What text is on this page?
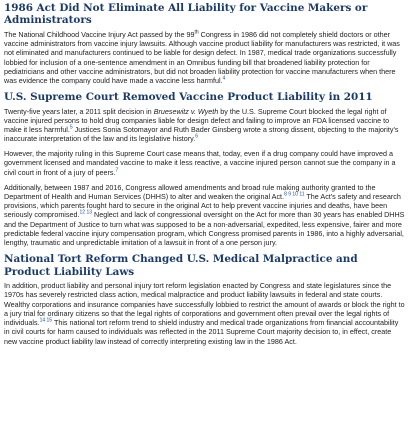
1986 Act Did Not Eliminate All Liability for Vaccine Makers or Administrators

The National Childhood Vaccine Injury Act passed by the 99th Congress in 1986 did not completely shield doctors or other vaccine administrators from vaccine injury lawsuits. Although vaccine product liability for manufacturers was restricted, it was not eliminated and manufacturers continued to be liable for design defect. In 1987, medical trade organizations successfully lobbied for inclusion of a one-sentence amendment in an Omnibus funding bill that broadened liability protection for pediatricians and other vaccine administrators, but did not broaden liability protection for vaccine manufacturers when there was evidence the company could have made a vaccine less harmful.$^4$

U.S. Supreme Court Removed Vaccine Product Liability in 2011

Twenty-five years later, a 2011 split decision in Bruesewitz v. Wyeth by the U.S. Supreme Court blocked the legal right of vaccine injured persons to hold drug companies liable for design defect and failing to improve an FDA licensed vaccine to make it less harmful.$^5$ Justices Sonia Sotomayor and Ruth Bader Ginsberg wrote a strong dissent, objecting to the majority's inaccurate interpretation of the law and its legislative history.$^6$

However, the majority ruling in this Supreme Court case means that, today, even if a drug company could have improved a government licensed and mandated vaccine to make it less reactive, a vaccine injured person cannot sue the company in a civil court in front of a jury of peers.$^7$

Additionally, between 1987 and 2016, Congress allowed amendments and broad rule making authority granted to the Department of Health and Human Services (DHHS) to alter and weaken the original Act.$^{8 9 10 11}$ The Act's safety and research provisions, which parents fought hard to secure in the original Act to help prevent vaccine injuries and deaths, have been seriously compromised.$^{12 13}$ Neglect and lack of congressional oversight on the Act for more than 30 years has enabled DHHS and the Department of Justice to turn what was supposed to be a non-adversarial, expedited, less expensive, fairer and more predictable federal vaccine injury compensation program, which Congress promised parents in 1986, into a highly adversarial, lengthy, traumatic and unpredictable imitation of a lawsuit in front of a one person jury.

National Tort Reform Changed U.S. Medical Malpractice and Product Liability Laws

In addition, product liability and personal injury tort reform legislation enacted by Congress and state legislatures since the 1970s has severely restricted class action, medical malpractice and product liability lawsuits in federal and state courts. Wealthy corporations and insurance companies have successfully lobbied to restrict the amount of awards or block the right to a jury trial for ordinary citizens so that the legal rights of corporations and government often prevail over the legal rights of individuals.$^{14 15}$ This national tort reform trend to shield industry and medical trade organizations from financial accountability in civil courts for harm caused to individuals was reflected in the 2011 Supreme Court majority decision to, in effect, create new vaccine product liability law instead of correctly interpreting existing law in the 1986 Act.
